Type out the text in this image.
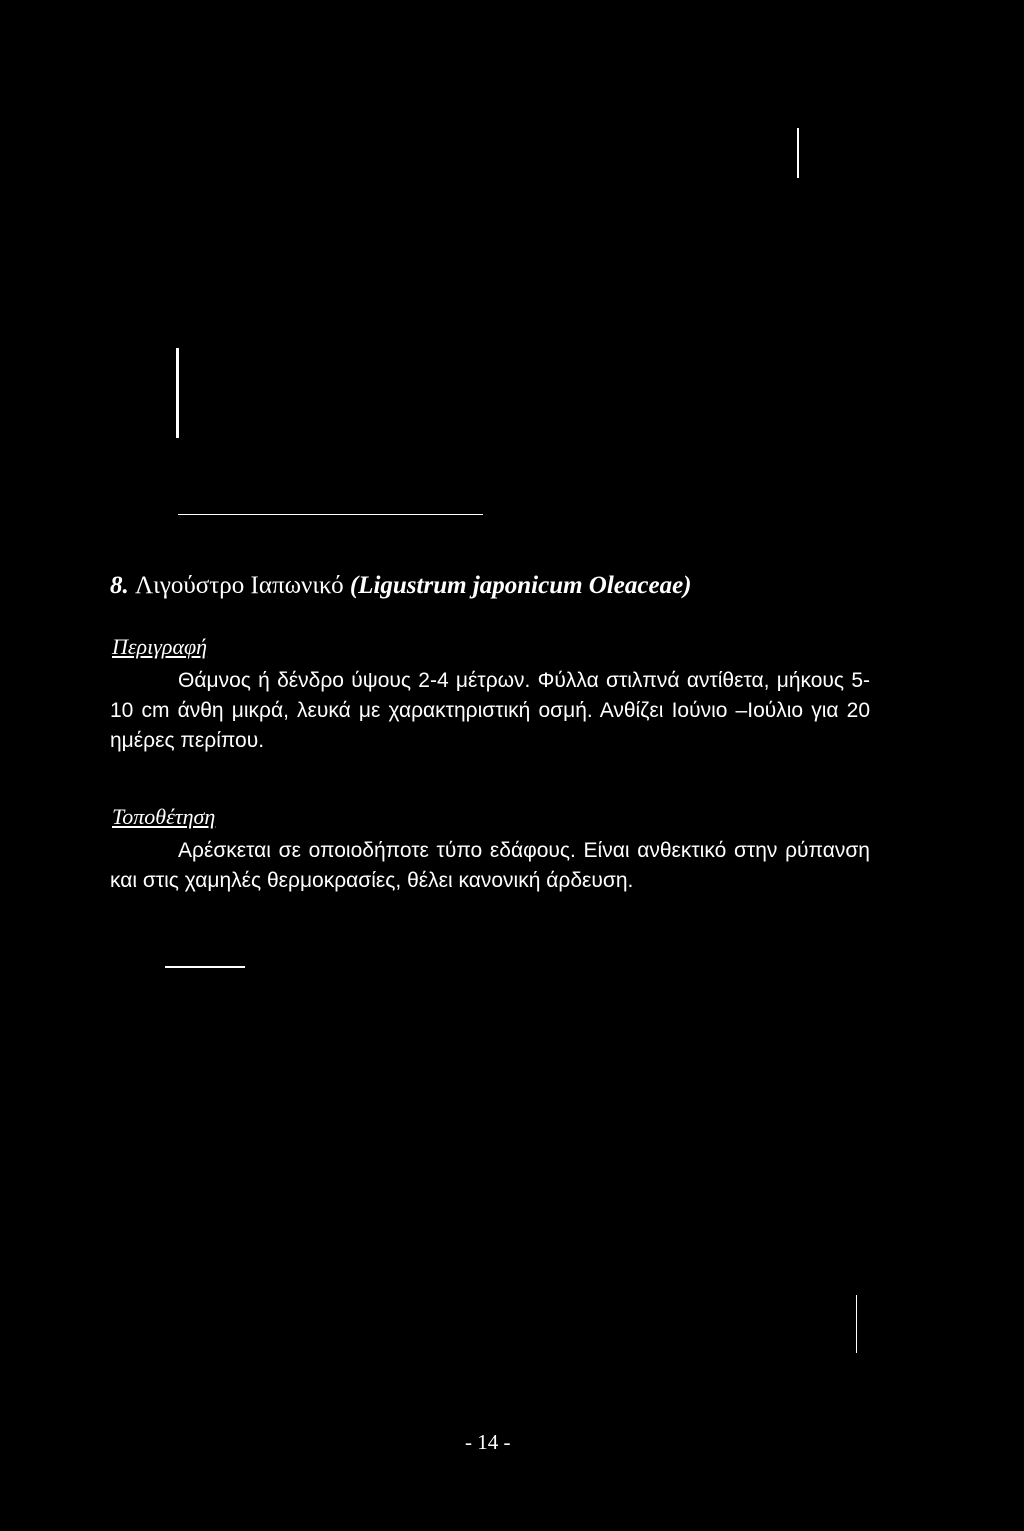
8. Λιγούστρο Ιαπωνικό (Ligustrum japonicum Oleaceae)
Περιγραφή

Θάμνος ή δένδρο ύψους 2-4 μέτρων. Φύλλα στιλπνά αντίθετα, μήκους 5-10 cm άνθη μικρά, λευκά με χαρακτηριστική οσμή. Ανθίζει Ιούνιο –Ιούλιο για 20 ημέρες περίπου.

Τοποθέτηση

Αρέσκεται σε οποιοδήποτε τύπο εδάφους. Είναι ανθεκτικό στην ρύπανση και στις χαμηλές θερμοκρασίες, θέλει κανονική άρδευση.

- 14 -
